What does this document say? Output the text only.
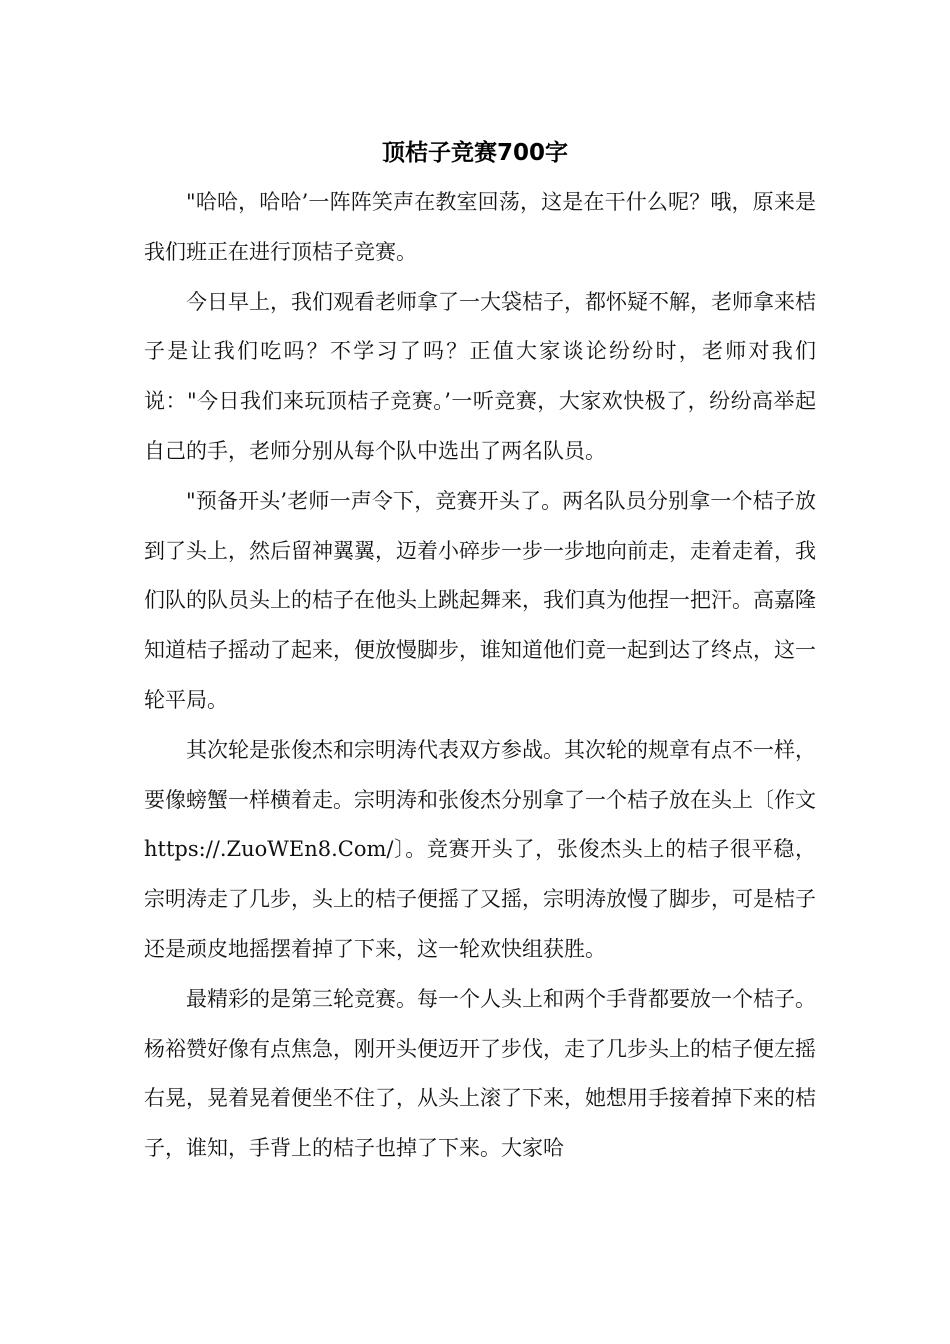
顶桔子竞赛700字

"哈哈，哈哈’一阵阵笑声在教室回荡，这是在干什么呢？哦，原来是我们班正在进行顶桔子竞赛。

今日早上，我们观看老师拿了一大袋桔子，都怀疑不解，老师拿来桔子是让我们吃吗？不学习了吗？正值大家谈论纷纷时，老师对我们说："今日我们来玩顶桔子竞赛。’一听竞赛，大家欢快极了，纷纷高举起自己的手，老师分别从每个队中选出了两名队员。

"预备开头’老师一声令下，竞赛开头了。两名队员分别拿一个桔子放到了头上，然后留神翼翼，迈着小碎步一步一步地向前走，走着走着，我们队的队员头上的桔子在他头上跳起舞来，我们真为他捏一把汗。高嘉隆知道桔子摇动了起来，便放慢脚步，谁知道他们竟一起到达了终点，这一轮平局。

其次轮是张俊杰和宗明涛代表双方参战。其次轮的规章有点不一样，要像螃蟹一样横着走。宗明涛和张俊杰分别拿了一个桔子放在头上〔作文https://.ZuoWEn8.Com/〕。竞赛开头了，张俊杰头上的桔子很平稳，宗明涛走了几步，头上的桔子便摇了又摇，宗明涛放慢了脚步，可是桔子还是顽皮地摇摆着掉了下来，这一轮欢快组获胜。

最精彩的是第三轮竞赛。每一个人头上和两个手背都要放一个桔子。杨裕赞好像有点焦急，刚开头便迈开了步伐，走了几步头上的桔子便左摇右晃，晃着晃着便坐不住了，从头上滚了下来，她想用手接着掉下来的桔子，谁知，手背上的桔子也掉了下来。大家哈
